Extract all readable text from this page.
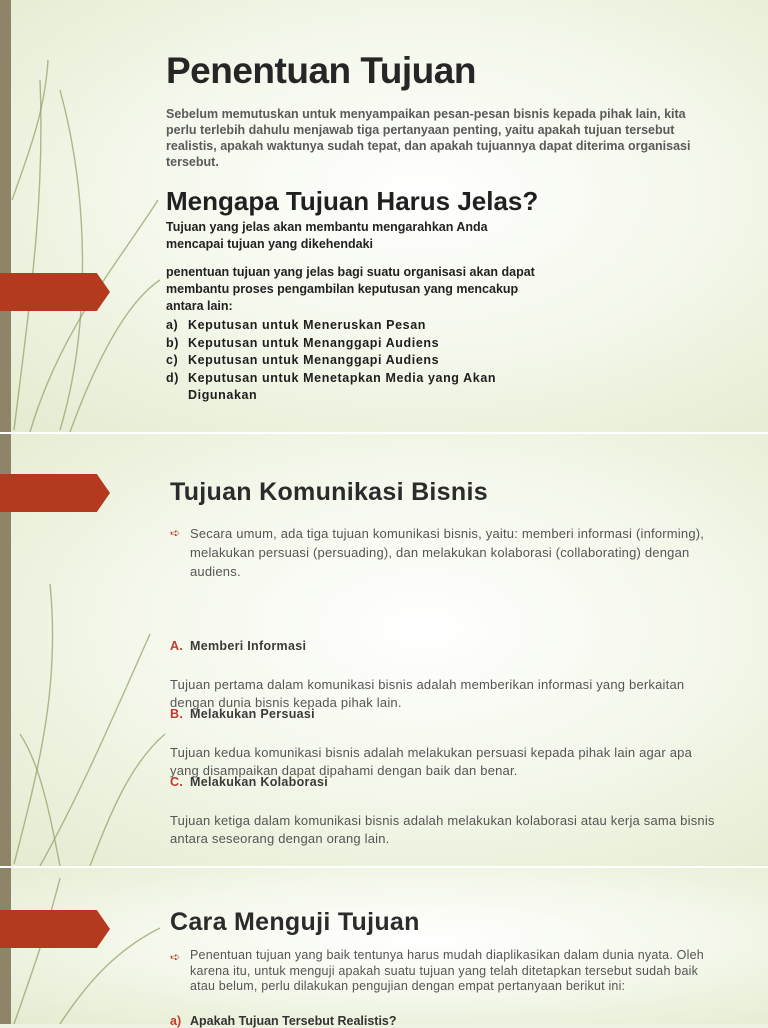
Penentuan Tujuan

Sebelum memutuskan untuk menyampaikan pesan-pesan bisnis kepada pihak lain, kita perlu terlebih dahulu menjawab tiga pertanyaan penting, yaitu apakah tujuan tersebut realistis, apakah waktunya sudah tepat, dan apakah tujuannya dapat diterima organisasi tersebut.

Mengapa Tujuan Harus Jelas?

Tujuan yang jelas akan membantu mengarahkan Anda mencapai tujuan yang dikehendaki

penentuan tujuan yang jelas bagi suatu organisasi akan dapat membantu proses pengambilan keputusan yang mencakup antara lain:

a) Keputusan untuk Meneruskan Pesan
b) Keputusan untuk Menanggapi Audiens
c) Keputusan untuk Menanggapi Audiens
d) Keputusan untuk Menetapkan Media yang Akan Digunakan
Tujuan Komunikasi Bisnis
➪ Secara umum, ada tiga tujuan komunikasi bisnis, yaitu: memberi informasi (informing), melakukan persuasi (persuading), dan melakukan kolaborasi (collaborating) dengan audiens.
A. Memberi Informasi

Tujuan pertama dalam komunikasi bisnis adalah memberikan informasi yang berkaitan dengan dunia bisnis kepada pihak lain.

B. Melakukan Persuasi

Tujuan kedua komunikasi bisnis adalah melakukan persuasi kepada pihak lain agar apa yang disampaikan dapat dipahami dengan baik dan benar.

C. Melakukan Kolaborasi

Tujuan ketiga dalam komunikasi bisnis adalah melakukan kolaborasi atau kerja sama bisnis antara seseorang dengan orang lain.

Cara Menguji Tujuan
➪ Penentuan tujuan yang baik tentunya harus mudah diaplikasikan dalam dunia nyata. Oleh karena itu, untuk menguji apakah suatu tujuan yang telah ditetapkan tersebut sudah baik atau belum, perlu dilakukan pengujian dengan empat pertanyaan berikut ini:
a) Apakah Tujuan Tersebut Realistis?
